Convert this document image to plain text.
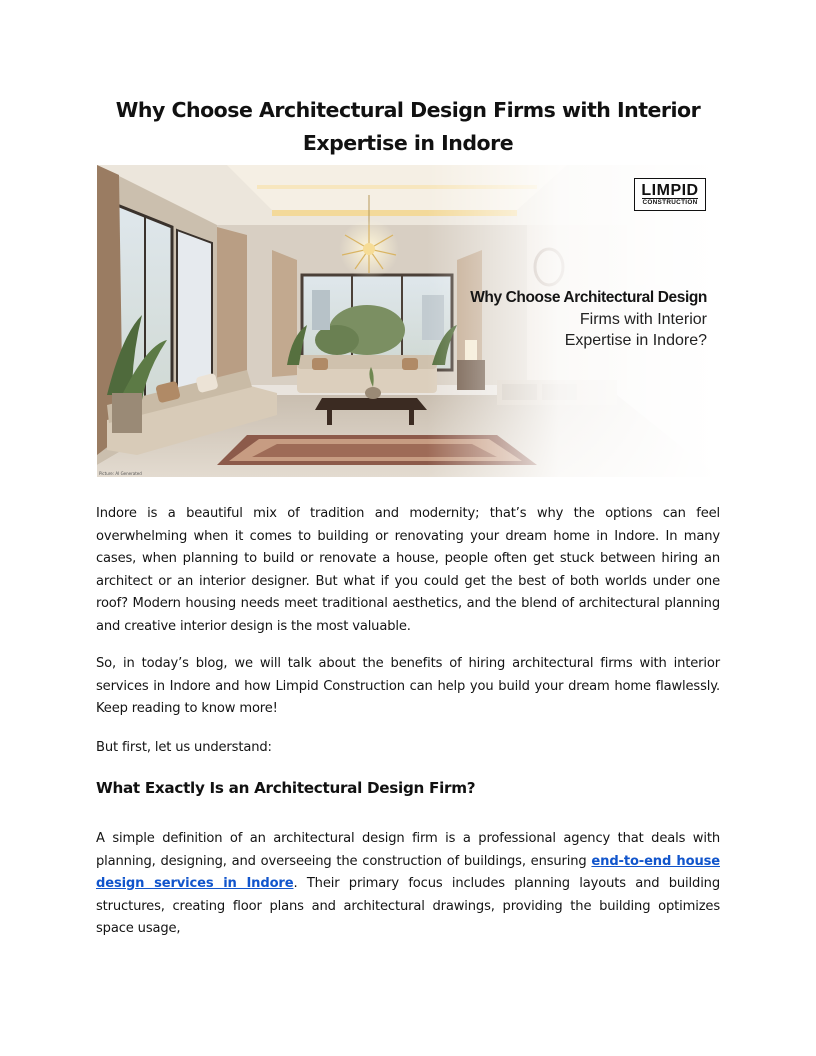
Why Choose Architectural Design Firms with Interior Expertise in Indore
LIMPID
CONSTRUCTION
Why Choose Architectural Design
Firms with Interior
Expertise in Indore?
Picture: AI Generated

Indore is a beautiful mix of tradition and modernity; that’s why the options can feel overwhelming when it comes to building or renovating your dream home in Indore. In many cases, when planning to build or renovate a house, people often get stuck between hiring an architect or an interior designer. But what if you could get the best of both worlds under one roof? Modern housing needs meet traditional aesthetics, and the blend of architectural planning and creative interior design is the most valuable.

So, in today’s blog, we will talk about the benefits of hiring architectural firms with interior services in Indore and how Limpid Construction can help you build your dream home flawlessly. Keep reading to know more!

But first, let us understand:

What Exactly Is an Architectural Design Firm?

A simple definition of an architectural design firm is a professional agency that deals with planning, designing, and overseeing the construction of buildings, ensuring end-to-end house design services in Indore. Their primary focus includes planning layouts and building structures, creating floor plans and architectural drawings, providing the building optimizes space usage,
